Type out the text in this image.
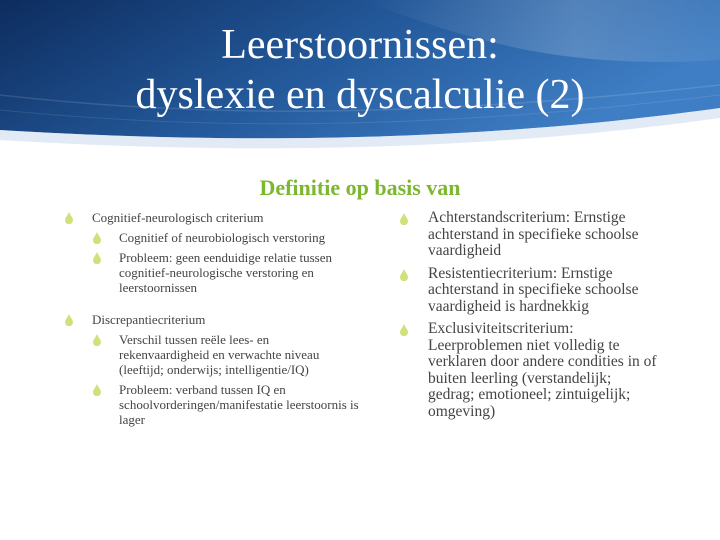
Leerstoornissen:
dyslexie en dyscalculie (2)
Definitie op basis van
Cognitief-neurologisch criterium
Cognitief of neurobiologisch verstoring
Probleem: geen eenduidige relatie tussen cognitief-neurologische verstoring en leerstoornissen
Discrepantiecriterium
Verschil tussen reële lees- en rekenvaardigheid en verwachte niveau (leeftijd; onderwijs; intelligentie/IQ)
Probleem: verband tussen IQ en schoolvorderingen/manifestatie leerstoornis is lager
Achterstandscriterium: Ernstige achterstand in specifieke schoolse vaardigheid
Resistentiecriterium: Ernstige achterstand in specifieke schoolse vaardigheid is hardnekkig
Exclusiviteitscriterium: Leerproblemen niet volledig te verklaren door andere condities in of buiten leerling (verstandelijk; gedrag; emotioneel; zintuigelijk; omgeving)
